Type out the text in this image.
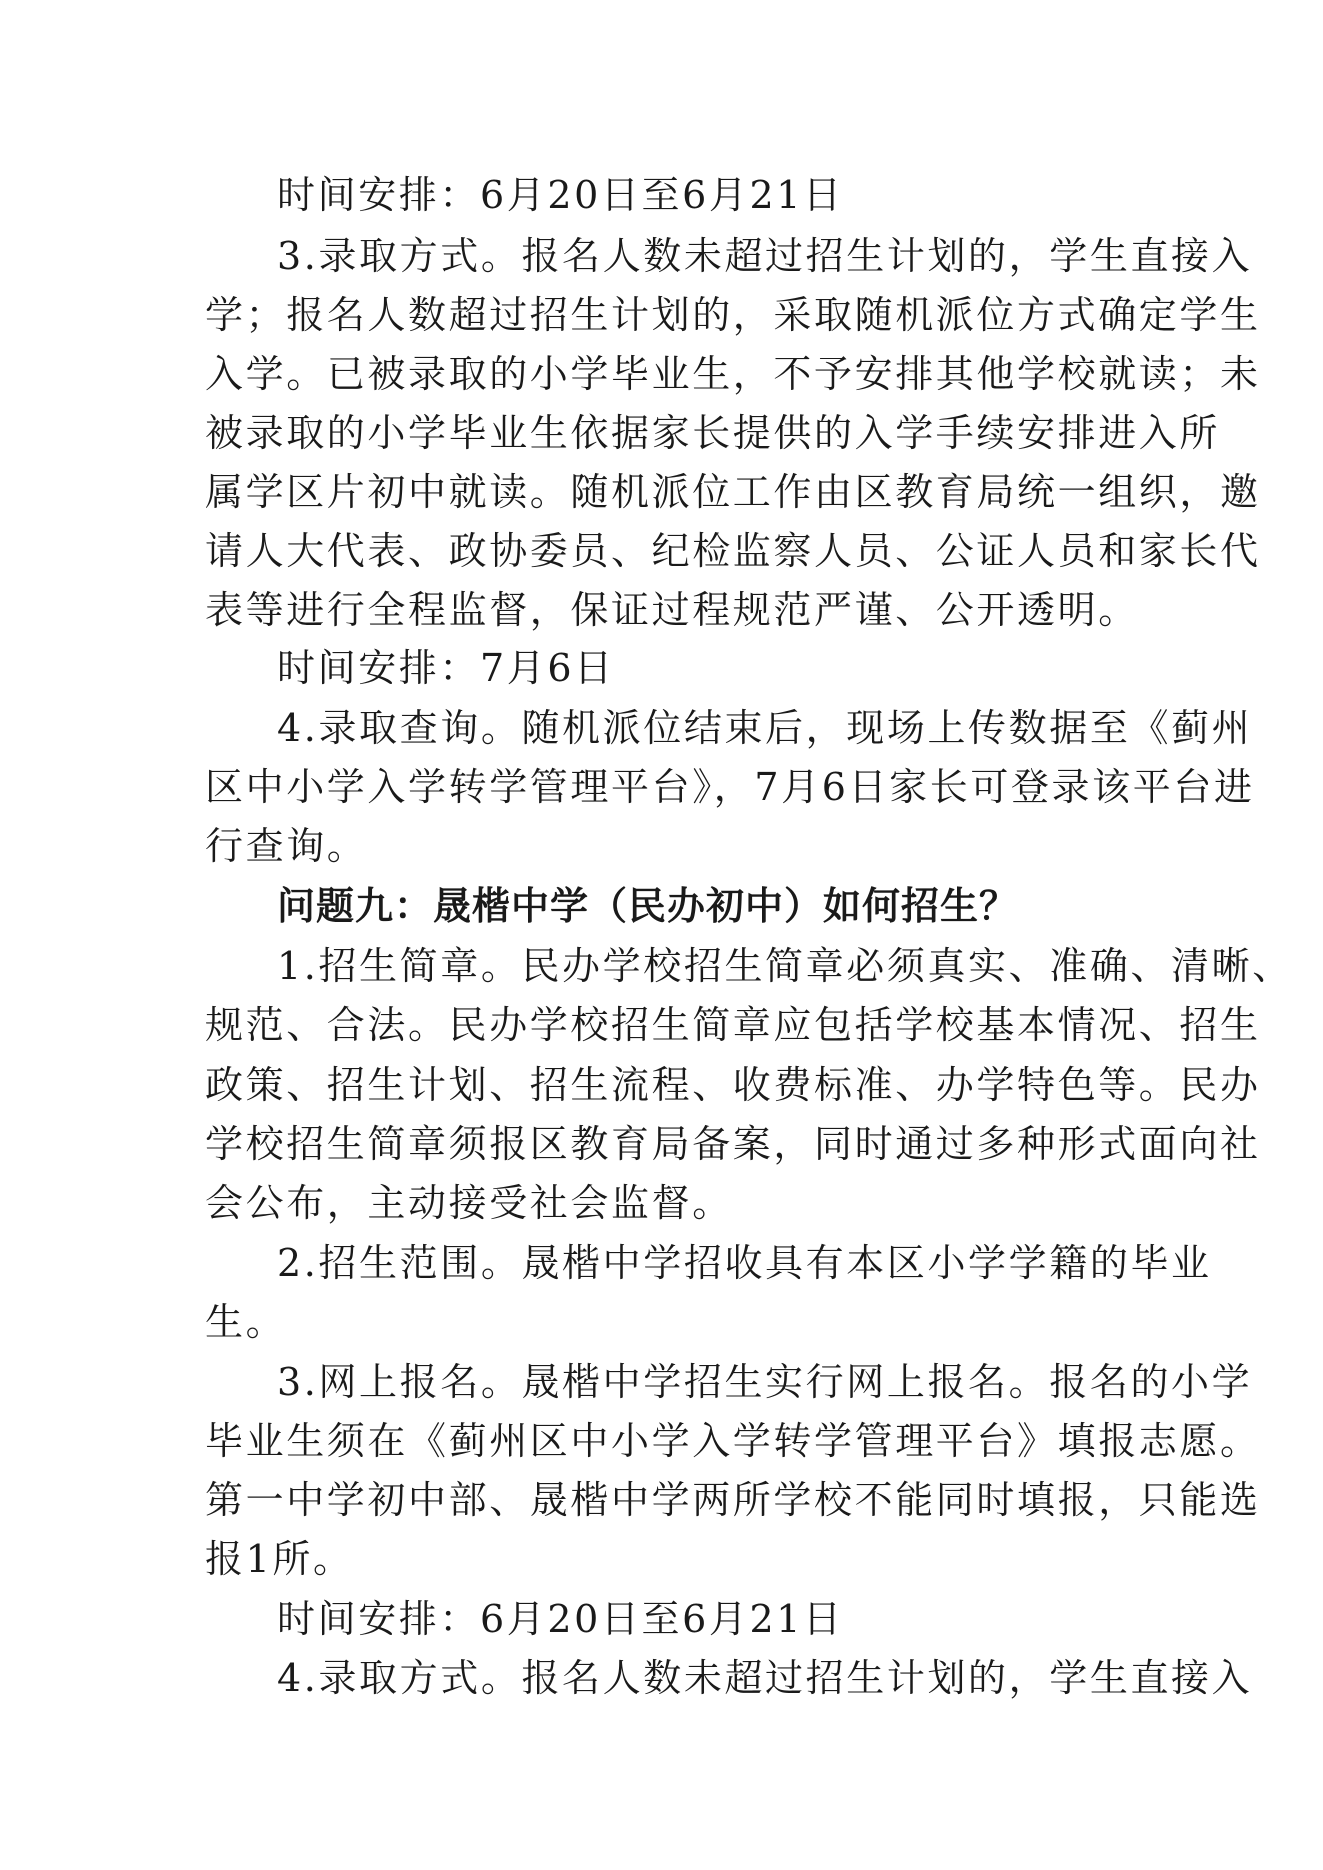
时间安排：6月20日至6月21日
3.录取方式。报名人数未超过招生计划的，学生直接入
学；报名人数超过招生计划的，采取随机派位方式确定学生
入学。已被录取的小学毕业生，不予安排其他学校就读；未
被录取的小学毕业生依据家长提供的入学手续安排进入所
属学区片初中就读。随机派位工作由区教育局统一组织，邀
请人大代表、政协委员、纪检监察人员、公证人员和家长代
表等进行全程监督，保证过程规范严谨、公开透明。
时间安排：7月6日
4.录取查询。随机派位结束后，现场上传数据至《蓟州
区中小学入学转学管理平台》，7月6日家长可登录该平台进
行查询。
问题九：晟楷中学（民办初中）如何招生？
1.招生简章。民办学校招生简章必须真实、准确、清晰、
规范、合法。民办学校招生简章应包括学校基本情况、招生
政策、招生计划、招生流程、收费标准、办学特色等。民办
学校招生简章须报区教育局备案，同时通过多种形式面向社
会公布，主动接受社会监督。
2.招生范围。晟楷中学招收具有本区小学学籍的毕业
生。
3.网上报名。晟楷中学招生实行网上报名。报名的小学
毕业生须在《蓟州区中小学入学转学管理平台》填报志愿。
第一中学初中部、晟楷中学两所学校不能同时填报，只能选
报1所。
时间安排：6月20日至6月21日
4.录取方式。报名人数未超过招生计划的，学生直接入
